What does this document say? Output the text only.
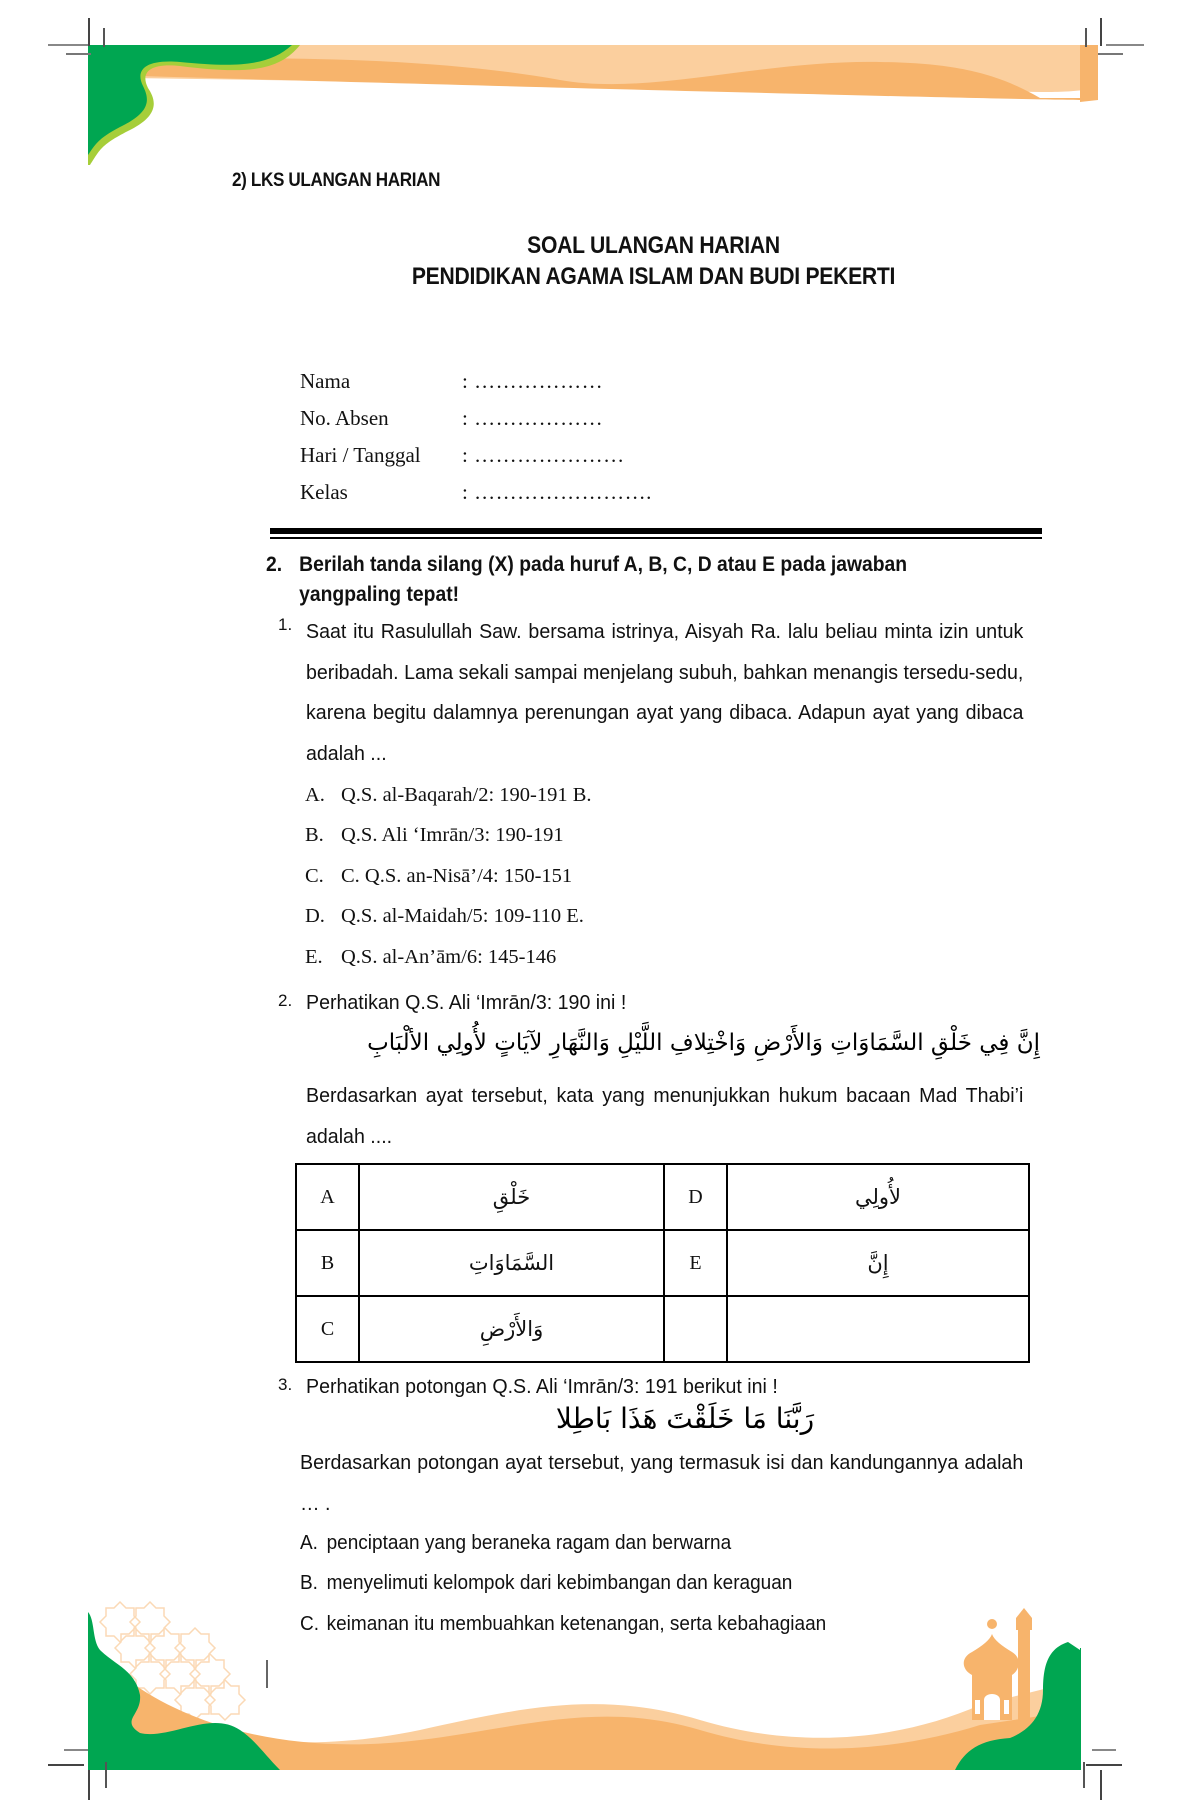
2) LKS ULANGAN HARIAN
SOAL ULANGAN HARIAN
PENDIDIKAN AGAMA ISLAM DAN BUDI PEKERTI
Nama	: ………………
No. Absen	: ………………
Hari / Tanggal	: …………………
Kelas	: …………………….
2. Berilah tanda silang (X) pada huruf A, B, C, D atau E pada jawaban yangpaling tepat!
1. Saat itu Rasulullah Saw. bersama istrinya, Aisyah Ra. lalu beliau minta izin untuk beribadah. Lama sekali sampai menjelang subuh, bahkan menangis tersedu-sedu, karena begitu dalamnya perenungan ayat yang dibaca. Adapun ayat yang dibaca adalah ...
A. Q.S. al-Baqarah/2: 190-191 B.
B. Q.S. Ali ‘Imrān/3: 190-191
C. C. Q.S. an-Nisā’/4: 150-151
D. Q.S. al-Maidah/5: 109-110 E.
E. Q.S. al-An’ām/6: 145-146
2. Perhatikan Q.S. Ali ‘Imrān/3: 190 ini !
إِنَّ فِي خَلْقِ السَّمَاوَاتِ وَالأَرْضِ وَاخْتِلافِ اللَّيْلِ وَالنَّهَارِ لآيَاتٍ لأُولِي الألْبَابِ
Berdasarkan ayat tersebut, kata yang menunjukkan hukum bacaan Mad Thabi’i adalah ....
A	خَلْقِ	D	لأُولِي
B	السَّمَاوَاتِ	E	إِنَّ
C	وَالأَرْضِ		
3. Perhatikan potongan Q.S. Ali ‘Imrān/3: 191 berikut ini !
رَبَّنَا مَا خَلَقْتَ هَذَا بَاطِلا
Berdasarkan potongan ayat tersebut, yang termasuk isi dan kandungannya adalah … .
A. penciptaan yang beraneka ragam dan berwarna
B. menyelimuti kelompok dari kebimbangan dan keraguan
C. keimanan itu membuahkan ketenangan, serta kebahagiaan
